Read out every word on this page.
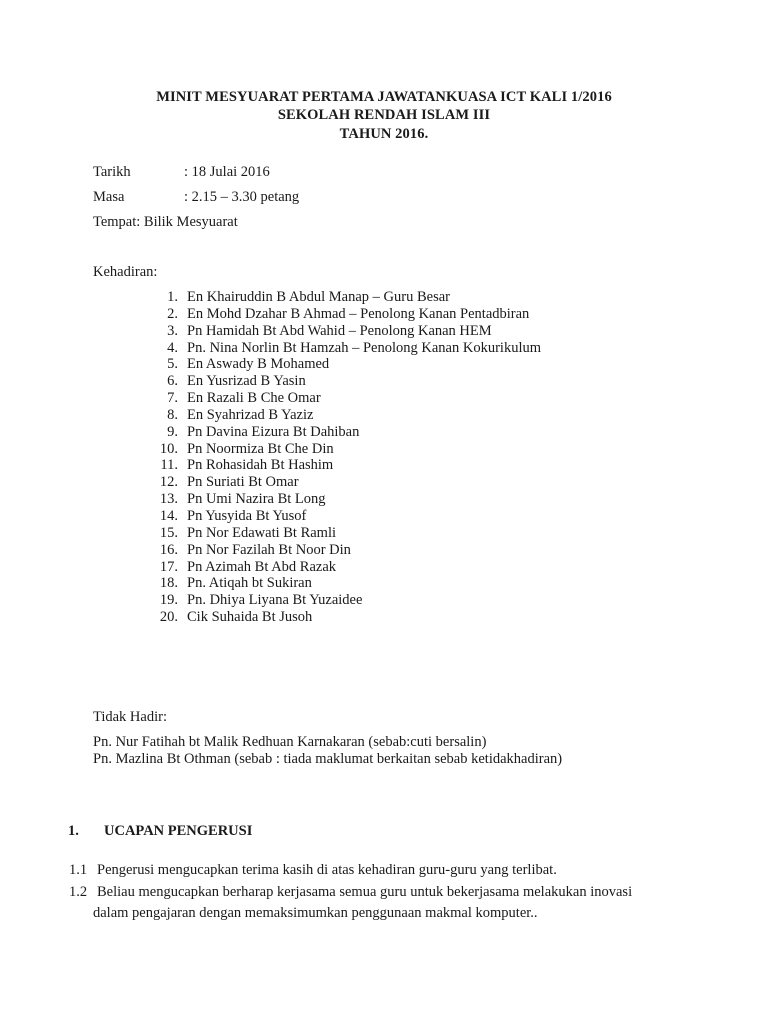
MINIT MESYUARAT PERTAMA JAWATANKUASA ICT KALI 1/2016
SEKOLAH RENDAH ISLAM III
TAHUN 2016.
Tarikh	: 18 Julai 2016
Masa	: 2.15 – 3.30 petang
Tempat: Bilik Mesyuarat
Kehadiran:
1. En Khairuddin B Abdul Manap – Guru Besar
2. En Mohd Dzahar B Ahmad – Penolong Kanan Pentadbiran
3. Pn Hamidah Bt Abd Wahid – Penolong Kanan HEM
4. Pn. Nina Norlin Bt Hamzah – Penolong Kanan Kokurikulum
5. En Aswady B Mohamed
6. En Yusrizad B Yasin
7. En Razali B Che Omar
8. En Syahrizad B Yaziz
9. Pn Davina Eizura Bt Dahiban
10. Pn Noormiza Bt Che Din
11. Pn Rohasidah Bt Hashim
12. Pn Suriati Bt Omar
13. Pn Umi Nazira Bt Long
14. Pn Yusyida Bt Yusof
15. Pn Nor Edawati Bt Ramli
16. Pn Nor Fazilah Bt Noor Din
17. Pn Azimah Bt Abd Razak
18. Pn. Atiqah bt Sukiran
19. Pn. Dhiya Liyana Bt Yuzaidee
20. Cik Suhaida Bt Jusoh
Tidak Hadir:
Pn. Nur Fatihah bt Malik Redhuan Karnakaran (sebab:cuti bersalin)
Pn. Mazlina Bt Othman (sebab : tiada maklumat berkaitan sebab ketidakhadiran)
1. UCAPAN PENGERUSI
1.1 Pengerusi mengucapkan terima kasih di atas kehadiran guru-guru yang terlibat.
1.2 Beliau mengucapkan berharap kerjasama semua guru untuk bekerjasama melakukan inovasi
dalam pengajaran dengan memaksimumkan penggunaan makmal komputer..
